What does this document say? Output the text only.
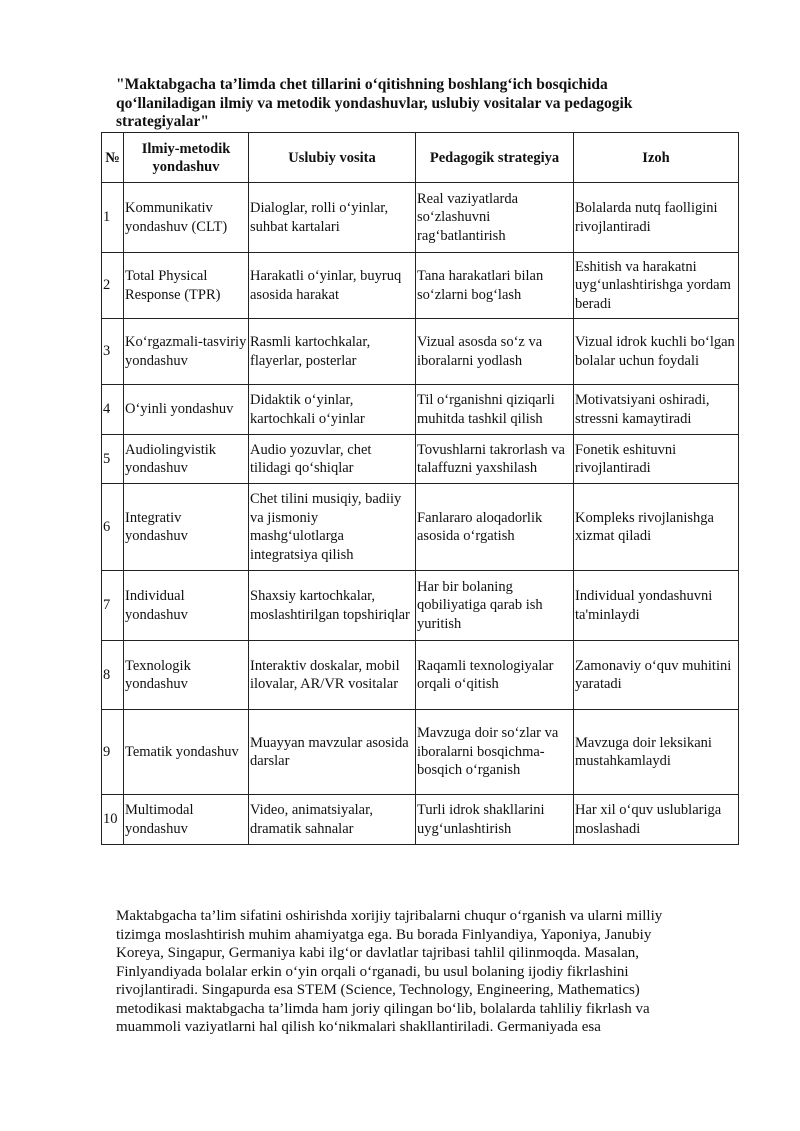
"Maktabgacha ta’limda chet tillarini o‘qitishning boshlang‘ich bosqichida
qo‘llaniladigan ilmiy va metodik yondashuvlar, uslubiy vositalar va pedagogik
strategiyalar"
№	Ilmiy-metodik yondashuv	Uslubiy vosita	Pedagogik strategiya	Izoh
1	Kommunikativ yondashuv (CLT)	Dialoglar, rolli o‘yinlar, suhbat kartalari	Real vaziyatlarda so‘zlashuvni rag‘batlantirish	Bolalarda nutq faolligini rivojlantiradi
2	Total Physical Response (TPR)	Harakatli o‘yinlar, buyruq asosida harakat	Tana harakatlari bilan so‘zlarni bog‘lash	Eshitish va harakatni uyg‘unlashtirishga yordam beradi
3	Ko‘rgazmali-tasviriy yondashuv	Rasmli kartochkalar, flayerlar, posterlar	Vizual asosda so‘z va iboralarni yodlash	Vizual idrok kuchli bo‘lgan bolalar uchun foydali
4	O‘yinli yondashuv	Didaktik o‘yinlar, kartochkali o‘yinlar	Til o‘rganishni qiziqarli muhitda tashkil qilish	Motivatsiyani oshiradi, stressni kamaytiradi
5	Audiolingvistik yondashuv	Audio yozuvlar, chet tilidagi qo‘shiqlar	Tovushlarni takrorlash va talaffuzni yaxshilash	Fonetik eshituvni rivojlantiradi
6	Integrativ yondashuv	Chet tilini musiqiy, badiiy va jismoniy mashg‘ulotlarga integratsiya qilish	Fanlararo aloqadorlik asosida o‘rgatish	Kompleks rivojlanishga xizmat qiladi
7	Individual yondashuv	Shaxsiy kartochkalar, moslashtirilgan topshiriqlar	Har bir bolaning qobiliyatiga qarab ish yuritish	Individual yondashuvni ta'minlaydi
8	Texnologik yondashuv	Interaktiv doskalar, mobil ilovalar, AR/VR vositalar	Raqamli texnologiyalar orqali o‘qitish	Zamonaviy o‘quv muhitini yaratadi
9	Tematik yondashuv	Muayyan mavzular asosida darslar	Mavzuga doir so‘zlar va iboralarni bosqichma-bosqich o‘rganish	Mavzuga doir leksikani mustahkamlaydi
10	Multimodal yondashuv	Video, animatsiyalar, dramatik sahnalar	Turli idrok shakllarini uyg‘unlashtirish	Har xil o‘quv uslublariga moslashadi

Maktabgacha ta’lim sifatini oshirishda xorijiy tajribalarni chuqur o‘rganish va ularni milliy
tizimga moslashtirish muhim ahamiyatga ega. Bu borada Finlyandiya, Yaponiya, Janubiy
Koreya, Singapur, Germaniya kabi ilg‘or davlatlar tajribasi tahlil qilinmoqda. Masalan,
Finlyandiyada bolalar erkin o‘yin orqali o‘rganadi, bu usul bolaning ijodiy fikrlashini
rivojlantiradi. Singapurda esa STEM (Science, Technology, Engineering, Mathematics)
metodikasi maktabgacha ta’limda ham joriy qilingan bo‘lib, bolalarda tahliliy fikrlash va
muammoli vaziyatlarni hal qilish ko‘nikmalari shakllantiriladi. Germaniyada esa
